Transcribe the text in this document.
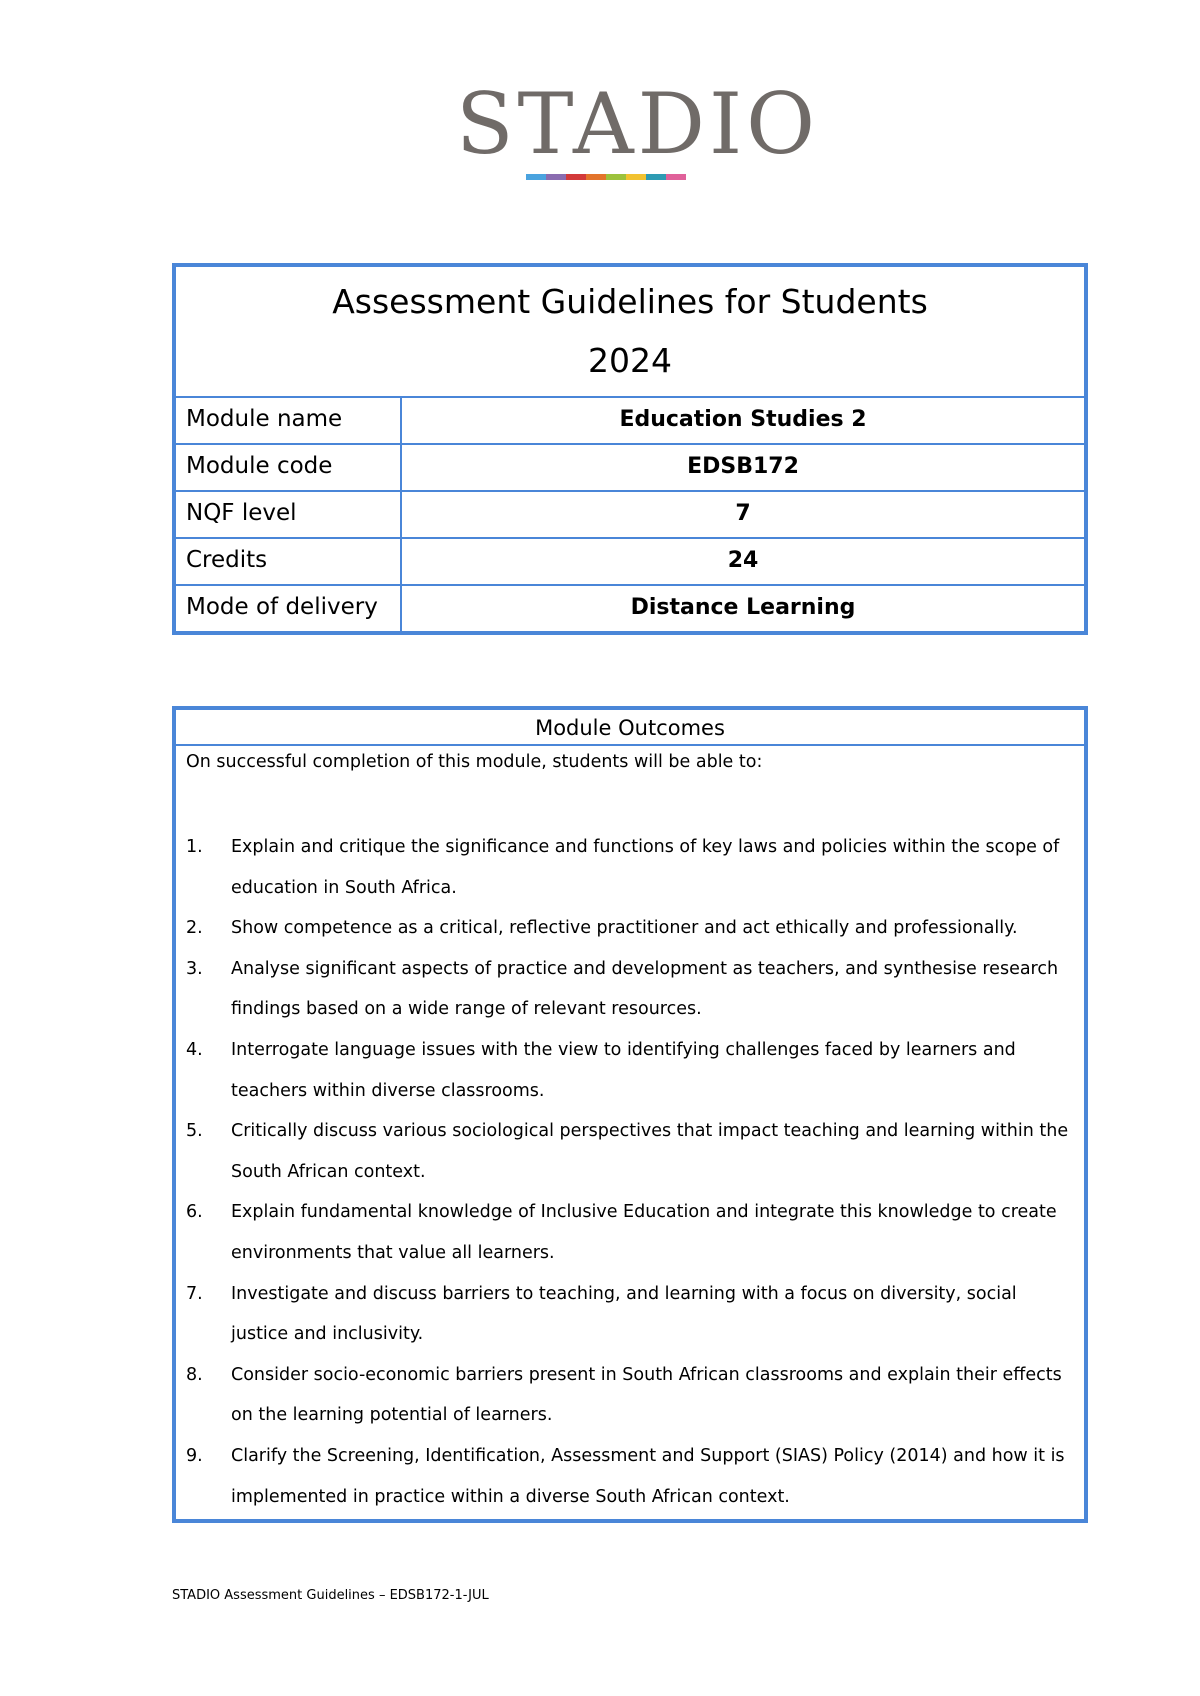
STADIO
Assessment Guidelines for Students
2024
Module name	Education Studies 2
Module code	EDSB172
NQF level	7
Credits	24
Mode of delivery	Distance Learning
Module Outcomes
On successful completion of this module, students will be able to:
1.	Explain and critique the significance and functions of key laws and policies within the scope of education in South Africa.
2.	Show competence as a critical, reflective practitioner and act ethically and professionally.
3.	Analyse significant aspects of practice and development as teachers, and synthesise research findings based on a wide range of relevant resources.
4.	Interrogate language issues with the view to identifying challenges faced by learners and teachers within diverse classrooms.
5.	Critically discuss various sociological perspectives that impact teaching and learning within the South African context.
6.	Explain fundamental knowledge of Inclusive Education and integrate this knowledge to create environments that value all learners.
7.	Investigate and discuss barriers to teaching, and learning with a focus on diversity, social justice and inclusivity.
8.	Consider socio-economic barriers present in South African classrooms and explain their effects on the learning potential of learners.
9.	Clarify the Screening, Identification, Assessment and Support (SIAS) Policy (2014) and how it is implemented in practice within a diverse South African context.
STADIO Assessment Guidelines – EDSB172-1-JUL
